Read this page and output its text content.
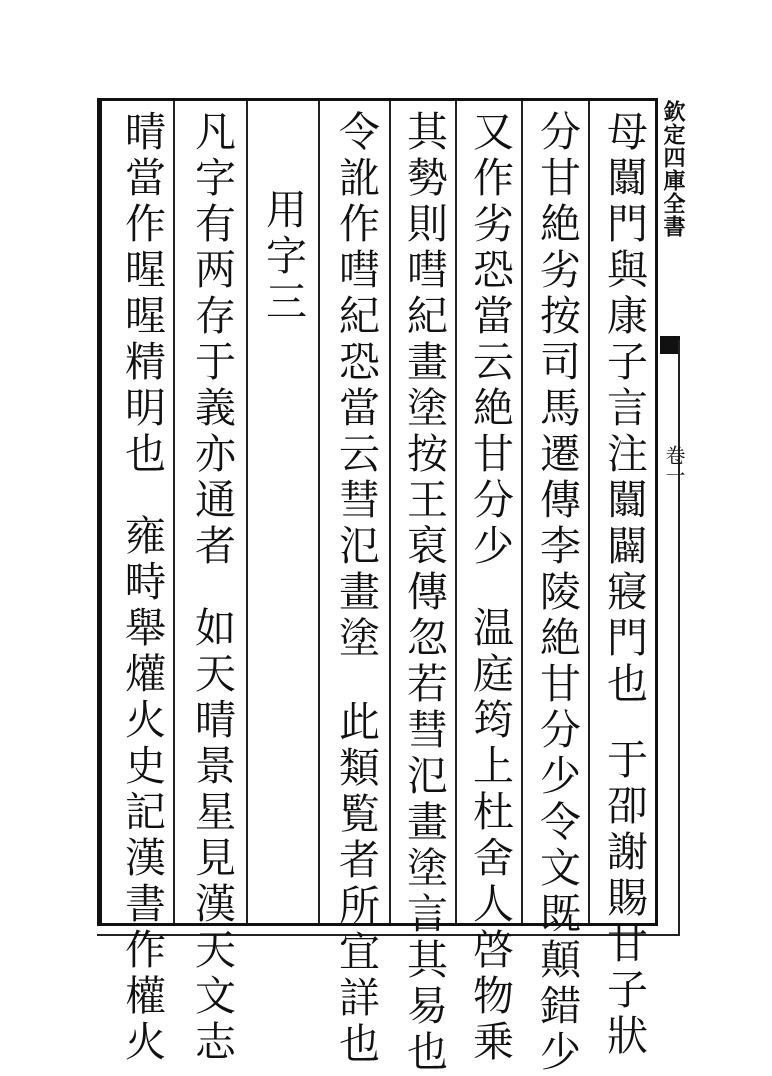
欽定四庫全書
卷一
母闒門與康子言注闒闢寢門也于卲謝賜甘子狀
分甘絶劣按司馬遷傳李陵絶甘分少令文既顛錯少
又作劣恐當云絶甘分少温庭筠上杜舍人啓物乗
其勢則嘒紀畫塗按王裒傳忽若彗氾畫塗言其易也
令訛作嘒紀恐當云彗氾畫塗此類覧者所宜詳也
用字三
凡字有两存于義亦通者如天晴景星見漢天文志
晴當作暒暒精明也雍畤舉爟火史記漢書作權火
